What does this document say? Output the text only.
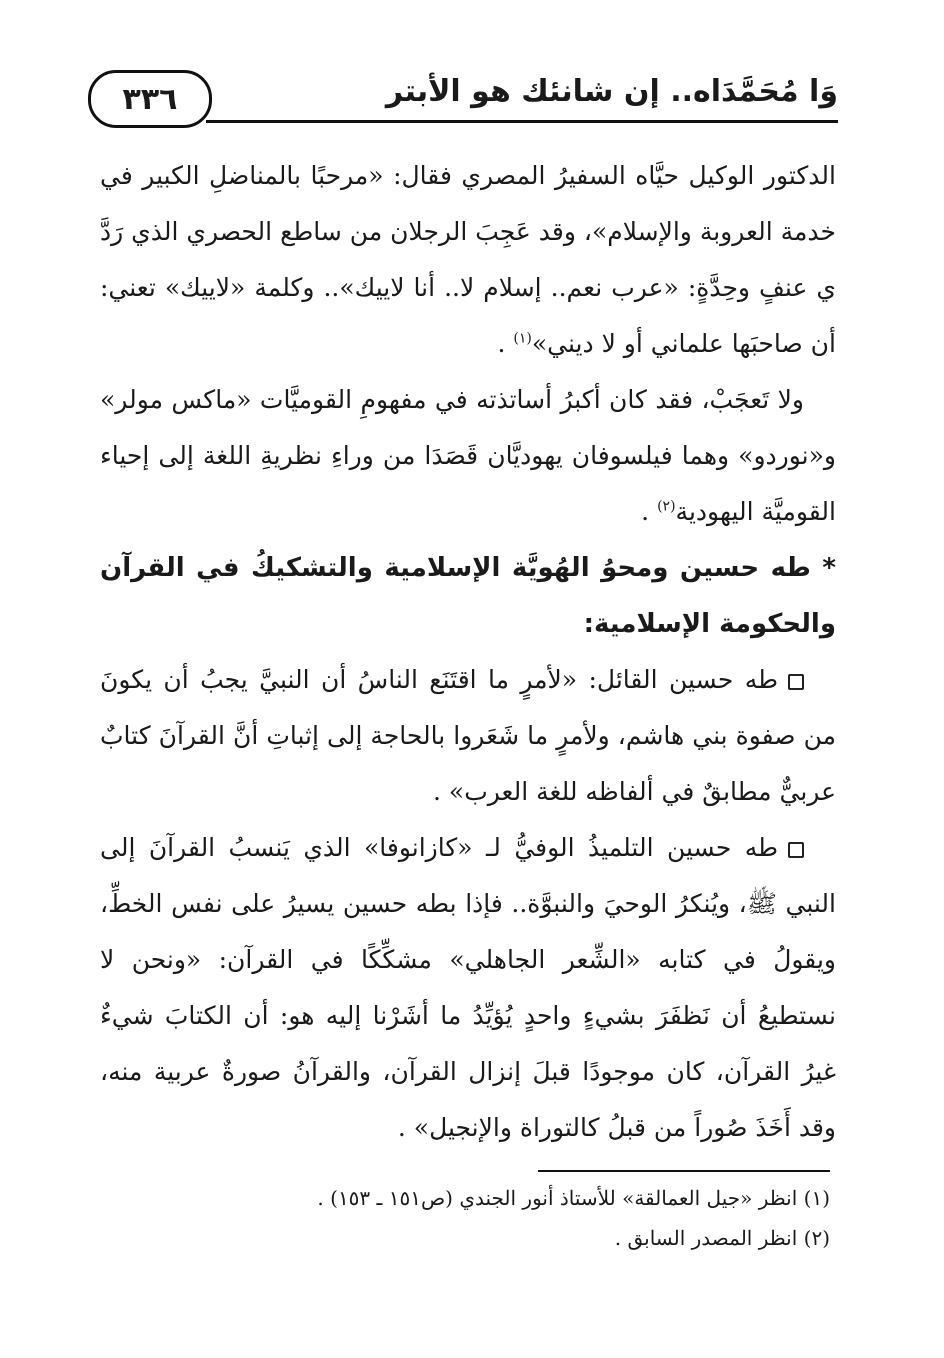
٣٣٦	وَا مُحَمَّدَاه.. إن شانئك هو الأبتر

الدكتور الوكيل حيَّاه السفيرُ المصري فقال: «مرحبًا بالمناضلِ الكبير في خدمة العروبة والإسلام»، وقد عَجِبَ الرجلان من ساطع الحصري الذي رَدَّ ي عنفٍ وحِدَّةٍ: «عرب نعم.. إسلام لا.. أنا لاييك».. وكلمة «لاييك» تعني: أن صاحبَها علماني أو لا ديني»$^{(١)}$ .

ولا تَعجَبْ، فقد كان أكبرُ أساتذته في مفهومِ القوميَّات «ماكس مولر» و«نوردو» وهما فيلسوفان يهوديَّان قَصَدَا من وراءِ نظريةِ اللغة إلى إحياء القوميَّة اليهودية$^{(٢)}$ .

* طه حسين ومحوُ الهُويَّة الإسلامية والتشكيكُ في القرآن والحكومة الإسلامية:

طه حسين القائل: «لأمرٍ ما اقتَنَع الناسُ أن النبيَّ يجبُ أن يكونَ من صفوة بني هاشم، ولأمرٍ ما شَعَروا بالحاجة إلى إثباتِ أنَّ القرآنَ كتابٌ عربيٌّ مطابقٌ في ألفاظه للغة العرب» .

طه حسين التلميذُ الوفيُّ لـ «كازانوفا» الذي يَنسبُ القرآنَ إلى النبي ﷺ، ويُنكرُ الوحيَ والنبوَّة.. فإذا بطه حسين يسيرُ على نفس الخطِّ، ويقولُ في كتابه «الشِّعر الجاهلي» مشكِّكًا في القرآن: «ونحن لا نستطيعُ أن نَظفَرَ بشيءٍ واحدٍ يُؤيِّدُ ما أشَرْنا إليه هو: أن الكتابَ شيءٌ غيرُ القرآن، كان موجودًا قبلَ إنزال القرآن، والقرآنُ صورةٌ عربية منه، وقد أَخَذَ صُوراً من قبلُ كالتوراة والإنجيل» .

(١) انظر «جيل العمالقة» للأستاذ أنور الجندي (ص١٥١ ـ ١٥٣) .

(٢) انظر المصدر السابق .
